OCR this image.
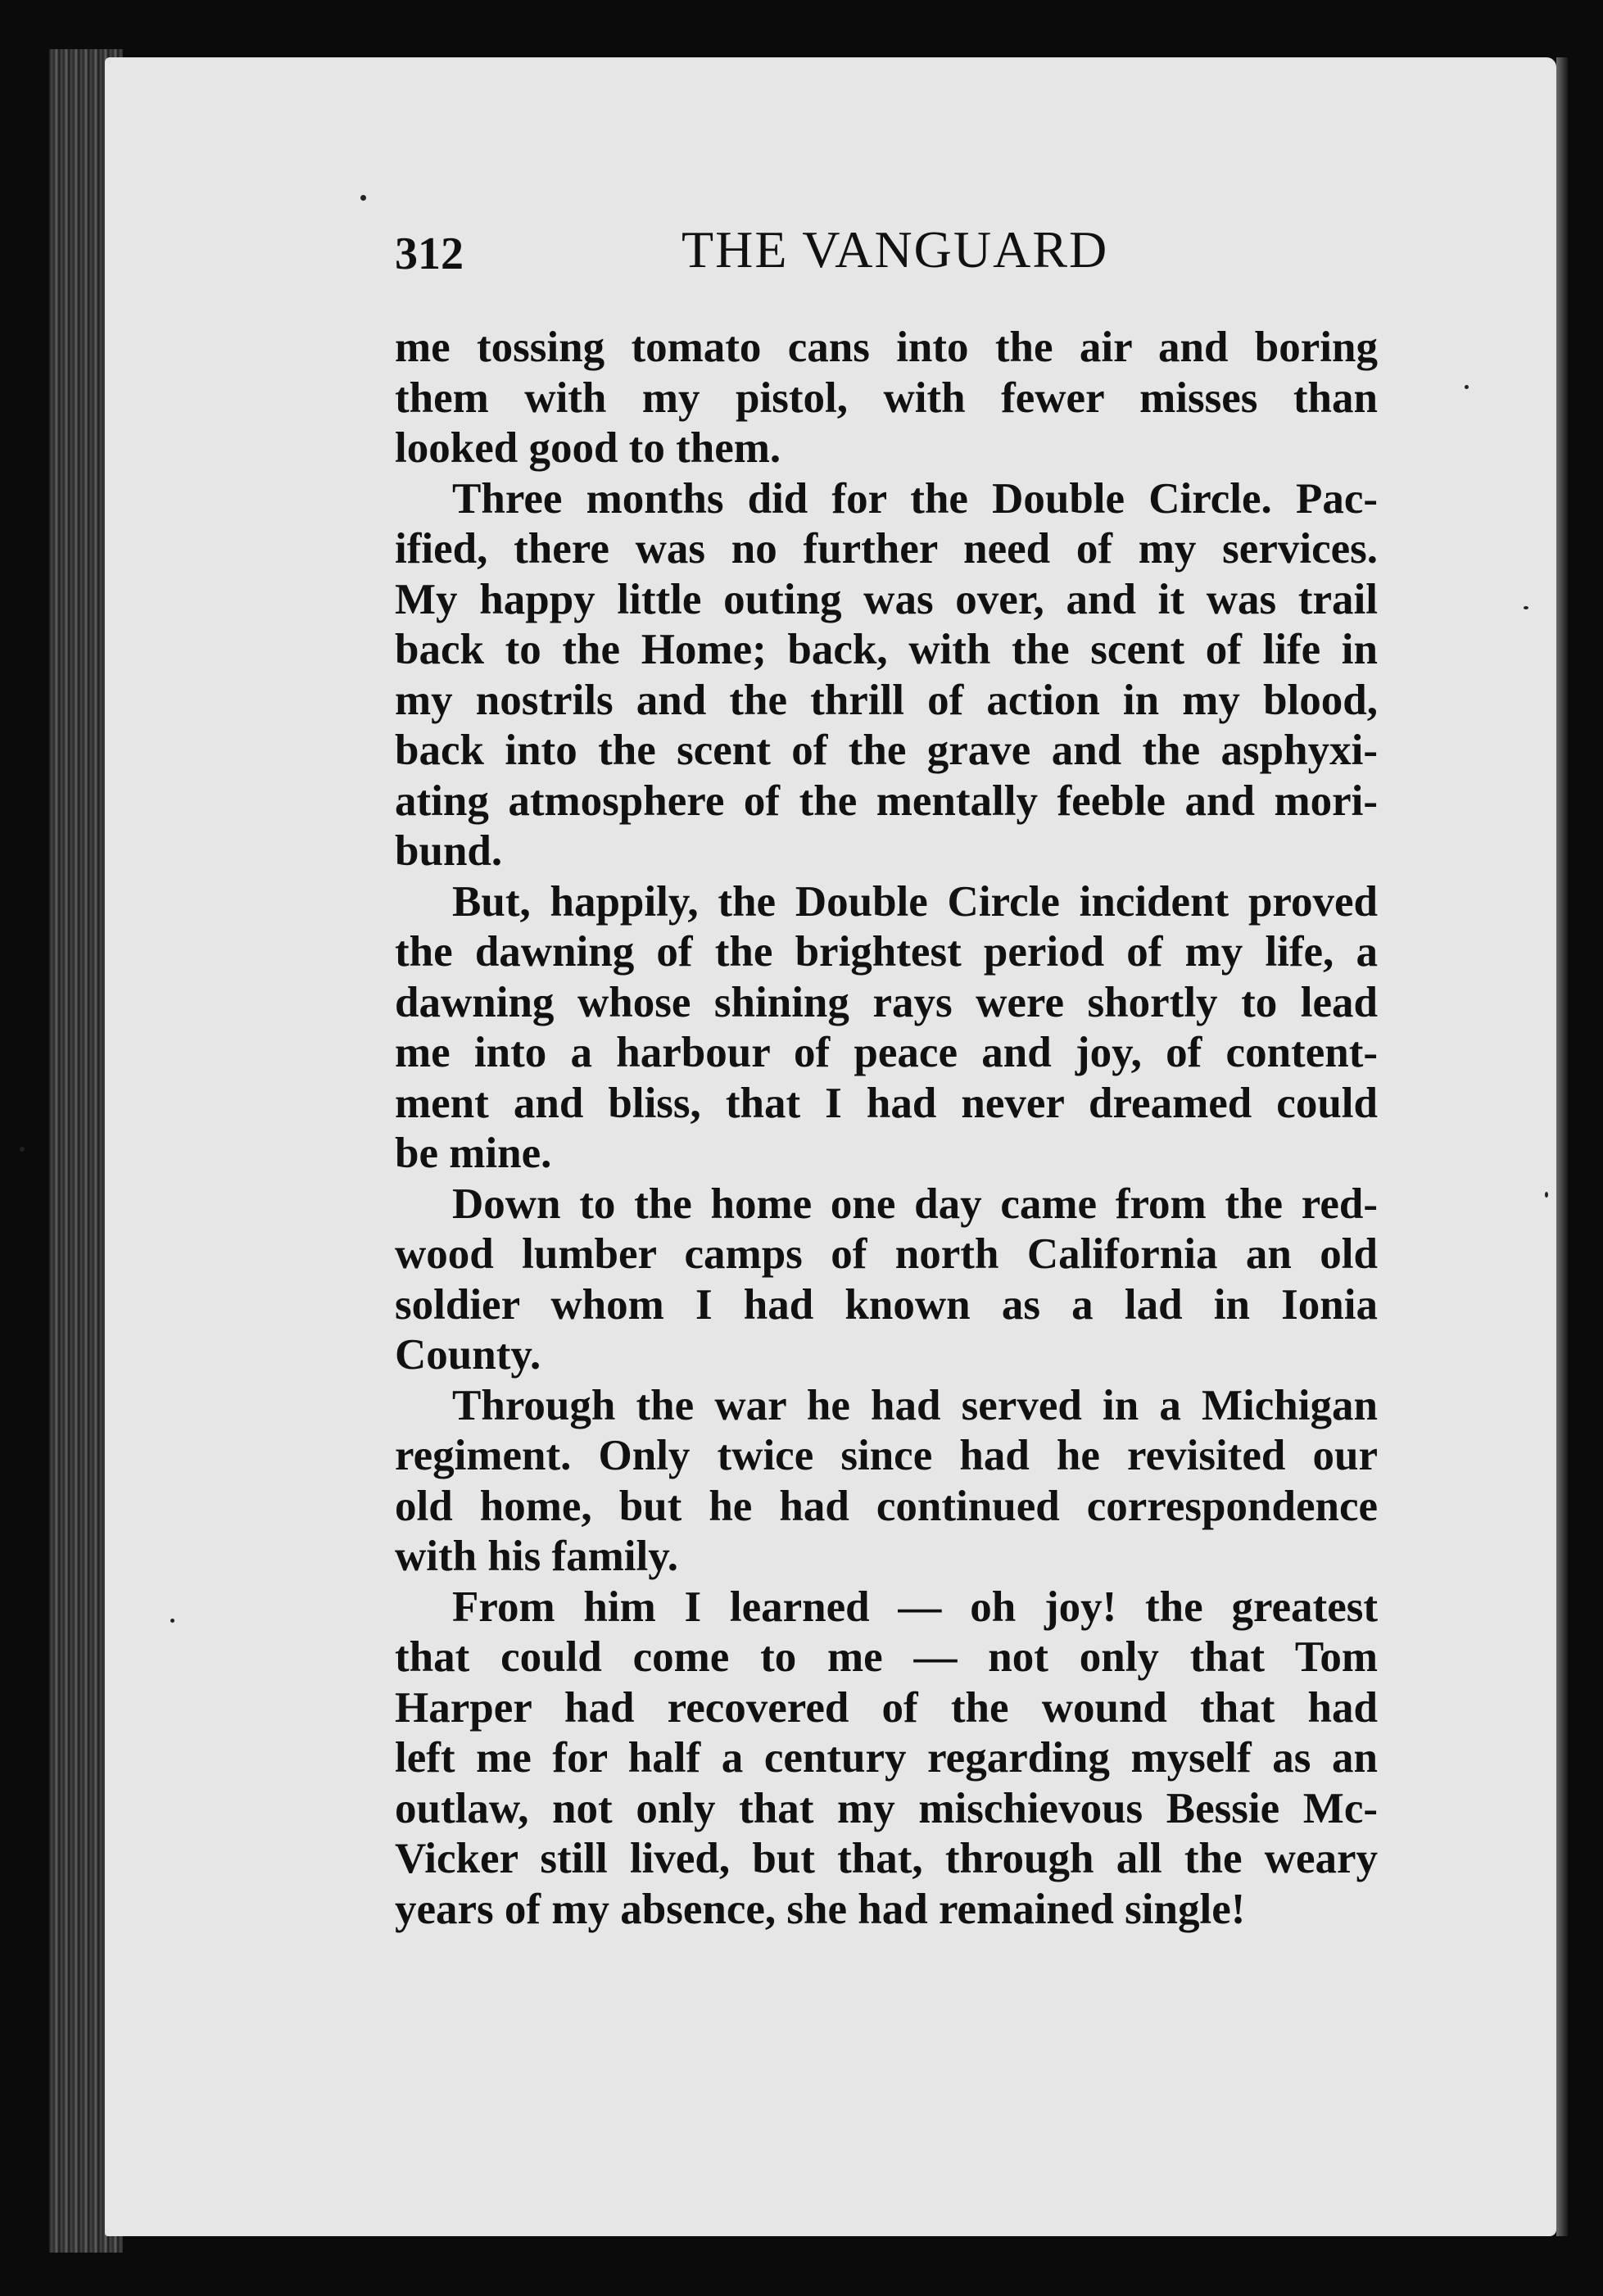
312	THE VANGUARD
me tossing tomato cans into the air and boring
them with my pistol, with fewer misses than
looked good to them.
Three months did for the Double Circle. Pac-
ified, there was no further need of my services.
My happy little outing was over, and it was trail
back to the Home; back, with the scent of life in
my nostrils and the thrill of action in my blood,
back into the scent of the grave and the asphyxi-
ating atmosphere of the mentally feeble and mori-
bund.
But, happily, the Double Circle incident proved
the dawning of the brightest period of my life, a
dawning whose shining rays were shortly to lead
me into a harbour of peace and joy, of content-
ment and bliss, that I had never dreamed could
be mine.
Down to the home one day came from the red-
wood lumber camps of north California an old
soldier whom I had known as a lad in Ionia
County.
Through the war he had served in a Michigan
regiment. Only twice since had he revisited our
old home, but he had continued correspondence
with his family.
From him I learned — oh joy! the greatest
that could come to me — not only that Tom
Harper had recovered of the wound that had
left me for half a century regarding myself as an
outlaw, not only that my mischievous Bessie Mc-
Vicker still lived, but that, through all the weary
years of my absence, she had remained single!
